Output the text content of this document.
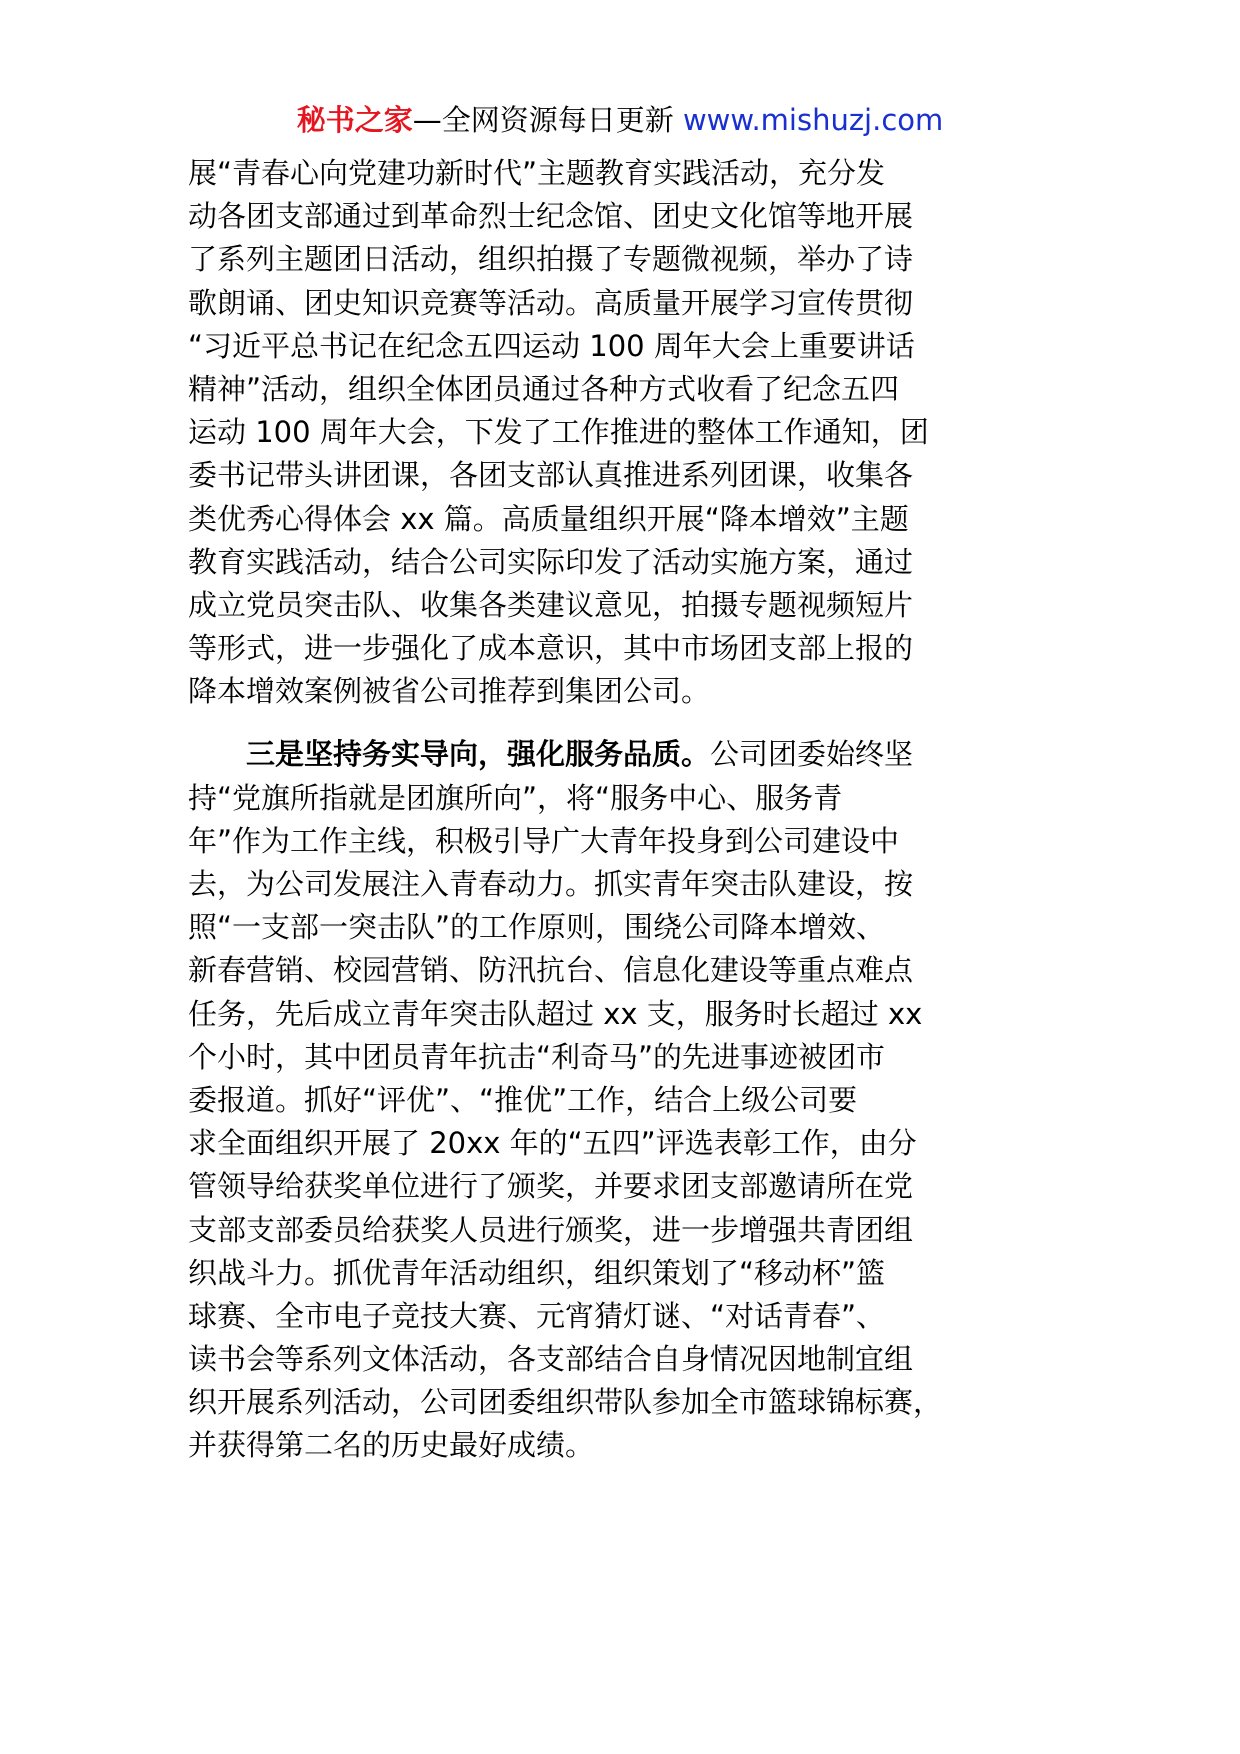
秘书之家—全网资源每日更新 www.mishuzj.com
展“青春心向党建功新时代”主题教育实践活动，充分发
动各团支部通过到革命烈士纪念馆、团史文化馆等地开展
了系列主题团日活动，组织拍摄了专题微视频，举办了诗
歌朗诵、团史知识竞赛等活动。高质量开展学习宣传贯彻
“习近平总书记在纪念五四运动 100 周年大会上重要讲话
精神”活动，组织全体团员通过各种方式收看了纪念五四
运动 100 周年大会，下发了工作推进的整体工作通知，团
委书记带头讲团课，各团支部认真推进系列团课，收集各
类优秀心得体会 xx 篇。高质量组织开展“降本增效”主题
教育实践活动，结合公司实际印发了活动实施方案，通过
成立党员突击队、收集各类建议意见，拍摄专题视频短片
等形式，进一步强化了成本意识，其中市场团支部上报的
降本增效案例被省公司推荐到集团公司。
三是坚持务实导向，强化服务品质。公司团委始终坚
持“党旗所指就是团旗所向”，将“服务中心、服务青
年”作为工作主线，积极引导广大青年投身到公司建设中
去，为公司发展注入青春动力。抓实青年突击队建设，按
照“一支部一突击队”的工作原则，围绕公司降本增效、
新春营销、校园营销、防汛抗台、信息化建设等重点难点
任务，先后成立青年突击队超过 xx 支，服务时长超过 xx
个小时，其中团员青年抗击“利奇马”的先进事迹被团市
委报道。抓好“评优”、“推优”工作，结合上级公司要
求全面组织开展了 20xx 年的“五四”评选表彰工作，由分
管领导给获奖单位进行了颁奖，并要求团支部邀请所在党
支部支部委员给获奖人员进行颁奖，进一步增强共青团组
织战斗力。抓优青年活动组织，组织策划了“移动杯”篮
球赛、全市电子竞技大赛、元宵猜灯谜、“对话青春”、
读书会等系列文体活动，各支部结合自身情况因地制宜组
织开展系列活动，公司团委组织带队参加全市篮球锦标赛，
并获得第二名的历史最好成绩。
